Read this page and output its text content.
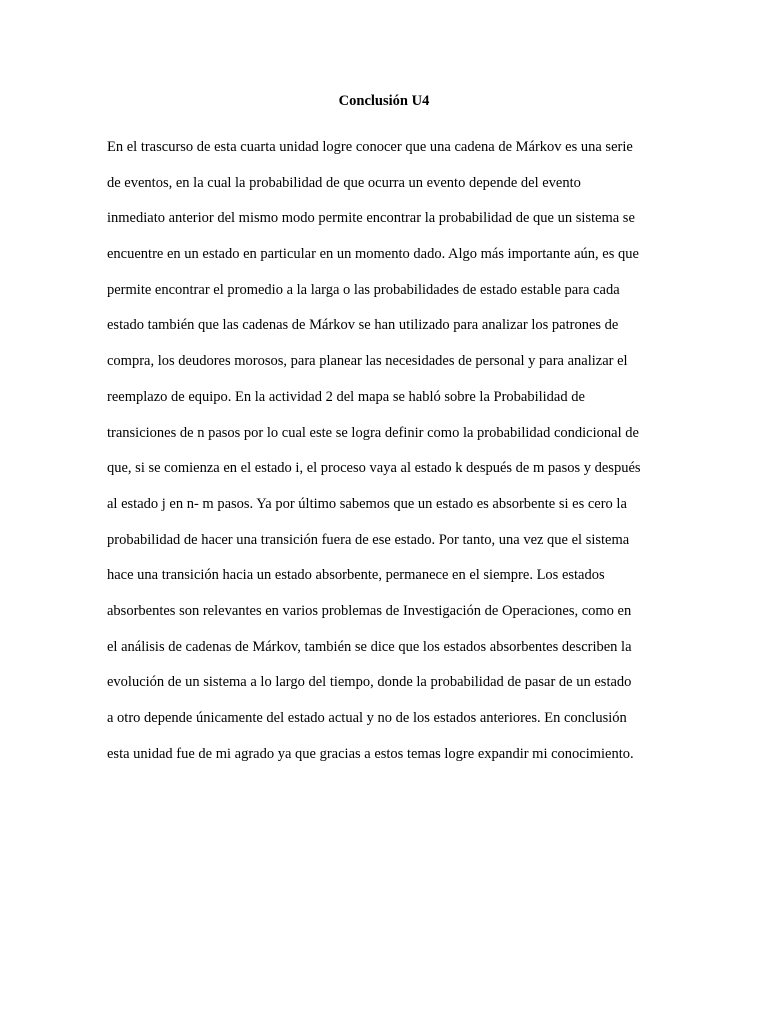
Conclusión U4
En el trascurso de esta cuarta unidad logre conocer que una cadena de Márkov es una serie
de eventos, en la cual la probabilidad de que ocurra un evento depende del evento
inmediato anterior del mismo modo permite encontrar la probabilidad de que un sistema se
encuentre en un estado en particular en un momento dado. Algo más importante aún, es que
permite encontrar el promedio a la larga o las probabilidades de estado estable para cada
estado también que las cadenas de Márkov se han utilizado para analizar los patrones de
compra, los deudores morosos, para planear las necesidades de personal y para analizar el
reemplazo de equipo. En la actividad 2 del mapa se habló sobre la Probabilidad de
transiciones de n pasos por lo cual este se logra definir como la probabilidad condicional de
que, si se comienza en el estado i, el proceso vaya al estado k después de m pasos y después
al estado j en n- m pasos. Ya por último sabemos que un estado es absorbente si es cero la
probabilidad de hacer una transición fuera de ese estado. Por tanto, una vez que el sistema
hace una transición hacia un estado absorbente, permanece en el siempre. Los estados
absorbentes son relevantes en varios problemas de Investigación de Operaciones, como en
el análisis de cadenas de Márkov, también se dice que los estados absorbentes describen la
evolución de un sistema a lo largo del tiempo, donde la probabilidad de pasar de un estado
a otro depende únicamente del estado actual y no de los estados anteriores. En conclusión
esta unidad fue de mi agrado ya que gracias a estos temas logre expandir mi conocimiento.
